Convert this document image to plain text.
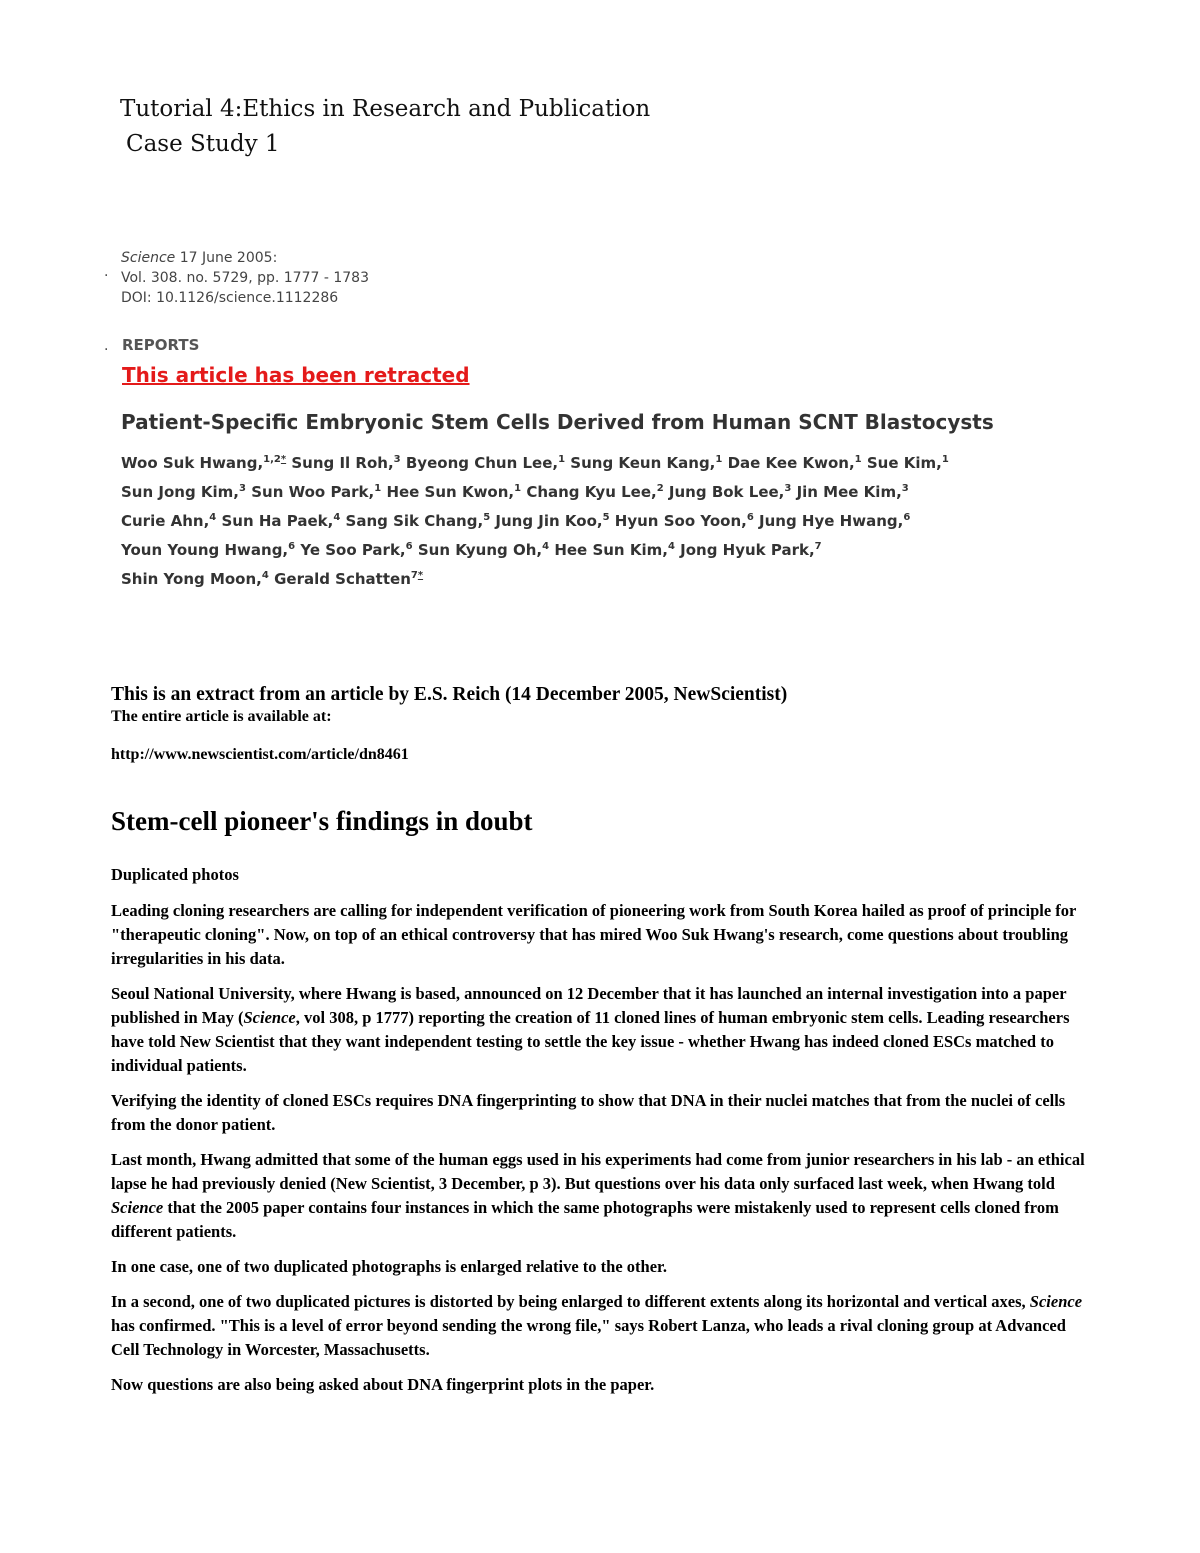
Tutorial 4:Ethics in Research and Publication
Case Study 1
·
Science 17 June 2005:
Vol. 308. no. 5729, pp. 1777 - 1783
DOI: 10.1126/science.1112286
. REPORTS
This article has been retracted
Patient-Specific Embryonic Stem Cells Derived from Human SCNT Blastocysts
Woo Suk Hwang,$^{1,2*}$ Sung Il Roh,$^3$ Byeong Chun Lee,$^1$ Sung Keun Kang,$^1$ Dae Kee Kwon,$^1$ Sue Kim,$^1$
Sun Jong Kim,$^3$ Sun Woo Park,$^1$ Hee Sun Kwon,$^1$ Chang Kyu Lee,$^2$ Jung Bok Lee,$^3$ Jin Mee Kim,$^3$
Curie Ahn,$^4$ Sun Ha Paek,$^4$ Sang Sik Chang,$^5$ Jung Jin Koo,$^5$ Hyun Soo Yoon,$^6$ Jung Hye Hwang,$^6$
Youn Young Hwang,$^6$ Ye Soo Park,$^6$ Sun Kyung Oh,$^4$ Hee Sun Kim,$^4$ Jong Hyuk Park,$^7$
Shin Yong Moon,$^4$ Gerald Schatten$^{7*}$
This is an extract from an article by E.S. Reich (14 December 2005, NewScientist)
The entire article is available at:
http://www.newscientist.com/article/dn8461
Stem-cell pioneer's findings in doubt
Duplicated photos

Leading cloning researchers are calling for independent verification of pioneering work from South Korea hailed as proof of principle for "therapeutic cloning". Now, on top of an ethical controversy that has mired Woo Suk Hwang's research, come questions about troubling irregularities in his data.

Seoul National University, where Hwang is based, announced on 12 December that it has launched an internal investigation into a paper published in May (Science, vol 308, p 1777) reporting the creation of 11 cloned lines of human embryonic stem cells. Leading researchers have told New Scientist that they want independent testing to settle the key issue - whether Hwang has indeed cloned ESCs matched to individual patients.

Verifying the identity of cloned ESCs requires DNA fingerprinting to show that DNA in their nuclei matches that from the nuclei of cells from the donor patient.

Last month, Hwang admitted that some of the human eggs used in his experiments had come from junior researchers in his lab - an ethical lapse he had previously denied (New Scientist, 3 December, p 3). But questions over his data only surfaced last week, when Hwang told Science that the 2005 paper contains four instances in which the same photographs were mistakenly used to represent cells cloned from different patients.

In one case, one of two duplicated photographs is enlarged relative to the other.

In a second, one of two duplicated pictures is distorted by being enlarged to different extents along its horizontal and vertical axes, Science has confirmed. "This is a level of error beyond sending the wrong file," says Robert Lanza, who leads a rival cloning group at Advanced Cell Technology in Worcester, Massachusetts.

Now questions are also being asked about DNA fingerprint plots in the paper.
